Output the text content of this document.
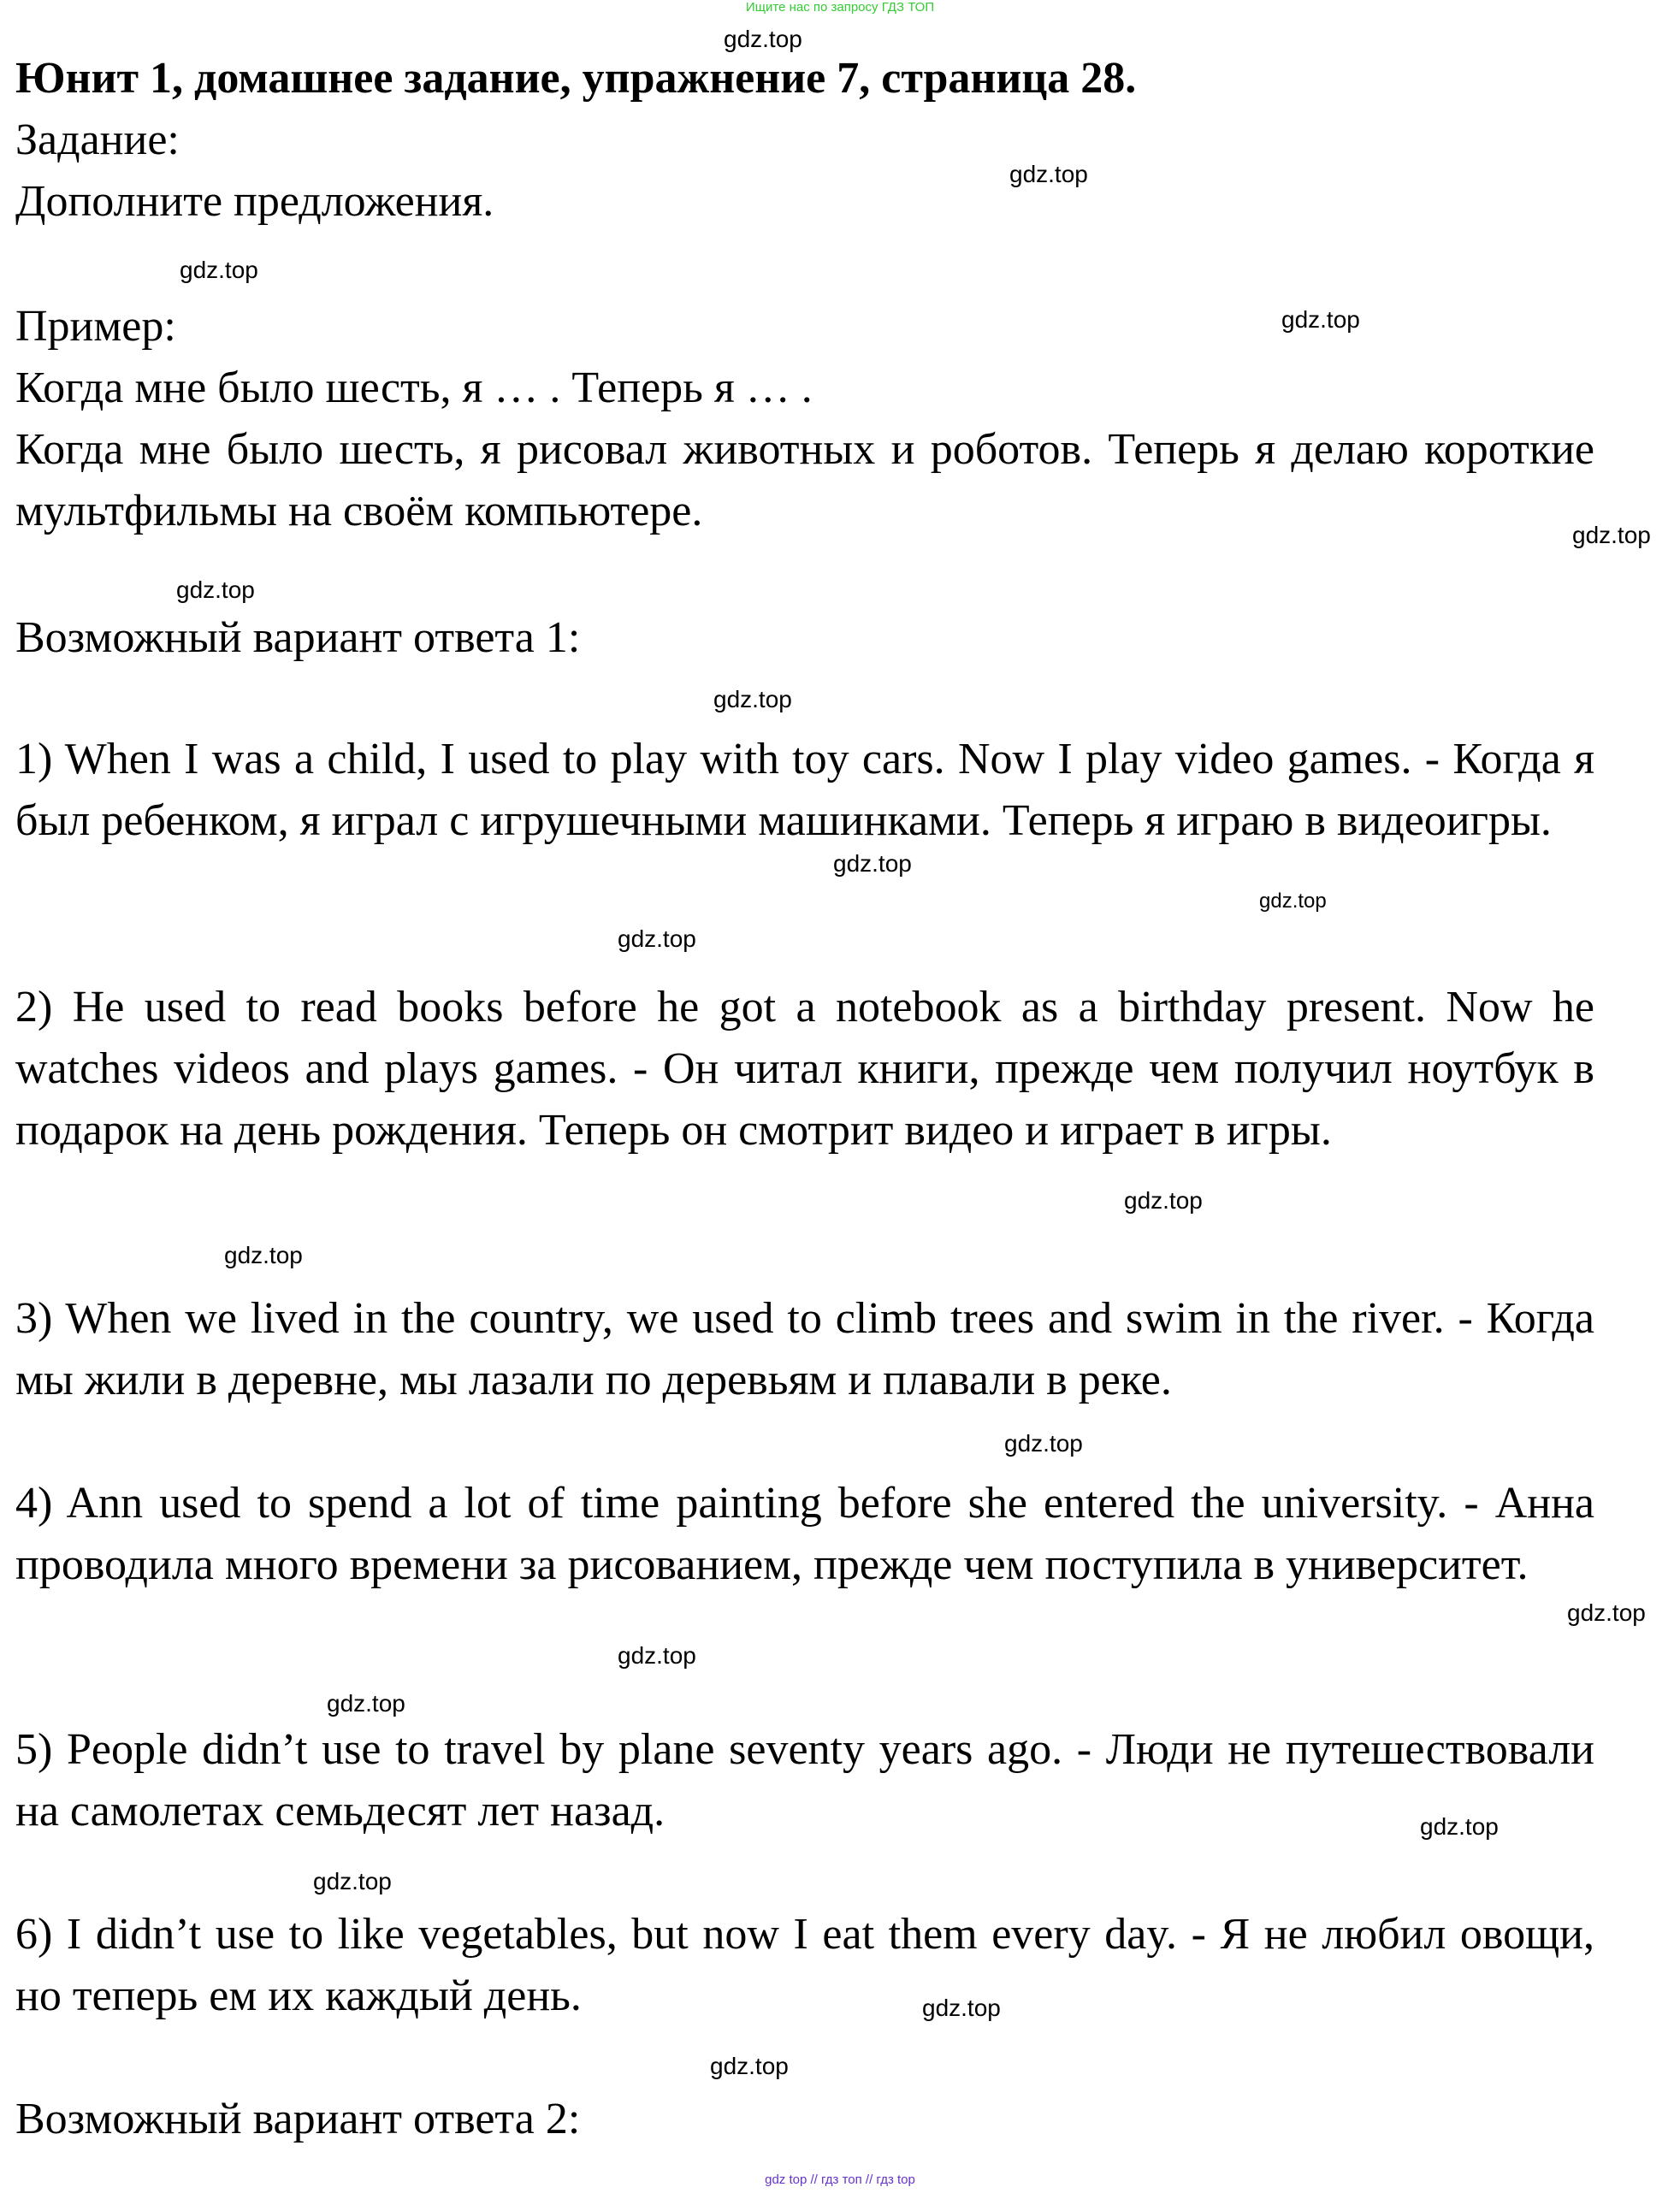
Ищите нас по запросу ГДЗ ТОП
gdz.top
gdz.top
gdz.top
gdz.top
gdz.top
gdz.top
gdz.top
gdz.top
gdz.top
gdz.top
gdz.top
gdz.top
gdz.top
gdz.top
gdz.top
gdz.top
gdz.top
gdz.top
gdz.top
gdz.top
Юнит 1, домашнее задание, упражнение 7, страница 28.
Задание:
Дополните предложения.
Пример:
Когда мне было шесть, я … . Теперь я … .
Когда мне было шесть, я рисовал животных и роботов. Теперь я делаю короткие мультфильмы на своём компьютере.
Возможный вариант ответа 1:
1) When I was a child, I used to play with toy cars. Now I play video games. - Когда я был ребенком, я играл с игрушечными машинками. Теперь я играю в видеоигры.
2) He used to read books before he got a notebook as a birthday present. Now he watches videos and plays games. - Он читал книги, прежде чем получил ноутбук в подарок на день рождения. Теперь он смотрит видео и играет в игры.
3) When we lived in the country, we used to climb trees and swim in the river. - Когда мы жили в деревне, мы лазали по деревьям и плавали в реке.
4) Ann used to spend a lot of time painting before she entered the university. - Анна проводила много времени за рисованием, прежде чем поступила в университет.
5) People didn’t use to travel by plane seventy years ago. - Люди не путешествовали на самолетах семьдесят лет назад.
6) I didn’t use to like vegetables, but now I eat them every day. - Я не любил овощи, но теперь ем их каждый день.
Возможный вариант ответа 2:
gdz top // гдз топ // гдз top
